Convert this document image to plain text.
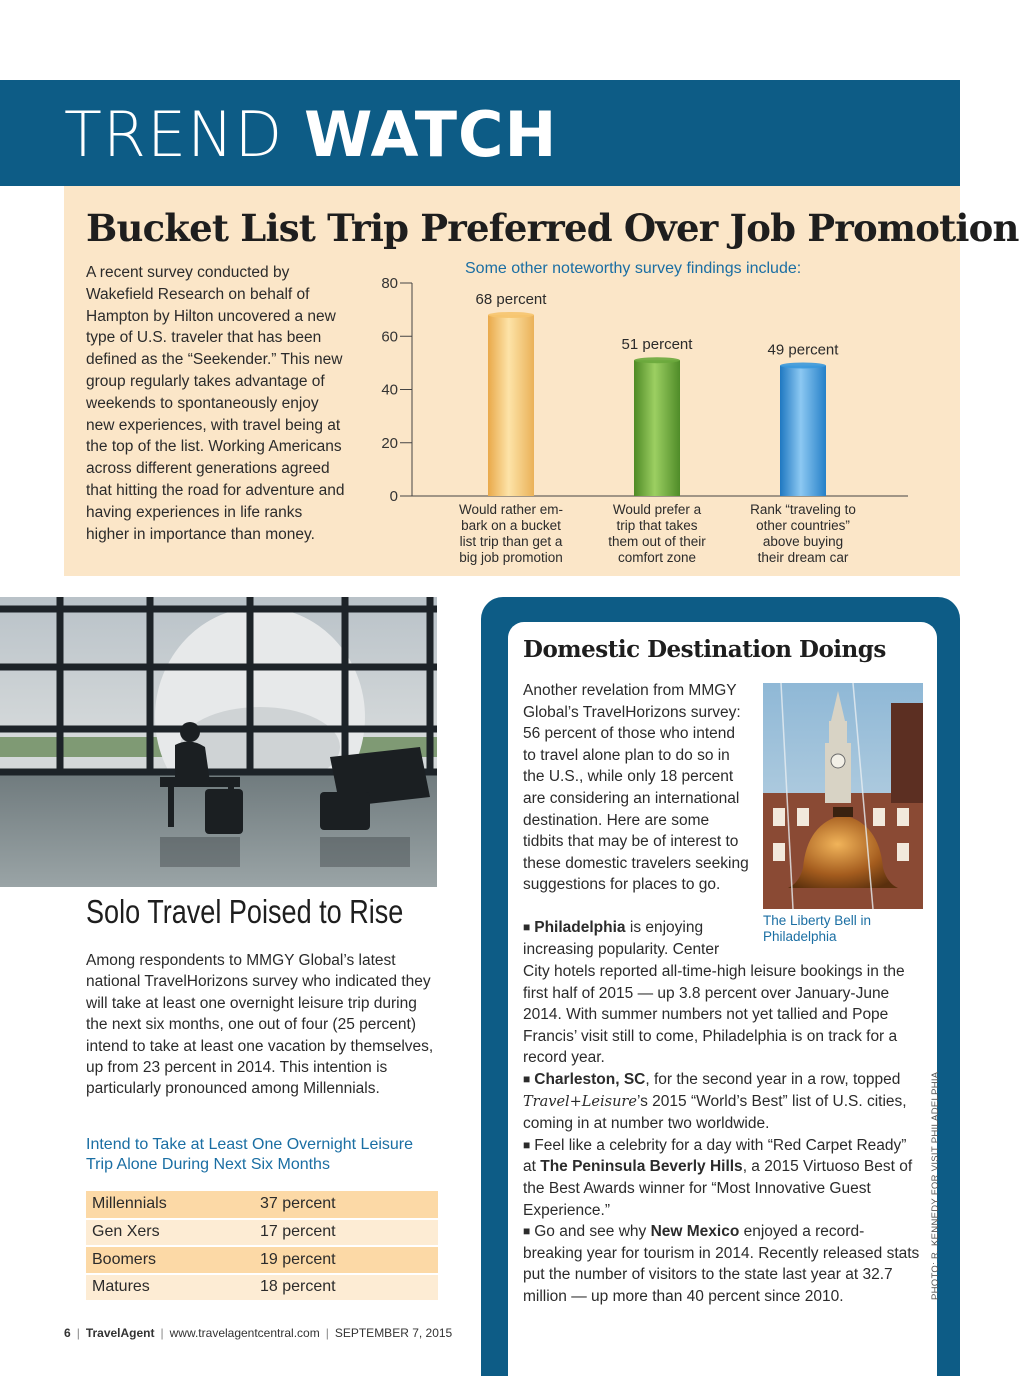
TREND WATCH
Bucket List Trip Preferred Over Job Promotion
A recent survey conducted by Wakefield Research on behalf of Hampton by Hilton uncovered a new type of U.S. traveler that has been defined as the “Seekender.” This new group regularly takes advantage of weekends to spontaneously enjoy new experiences, with travel being at the top of the list. Working Americans across different generations agreed that hitting the road for adventure and having experiences in life ranks higher in importance than money.
Some other noteworthy survey findings include:
0
20
40
60
80
68 percent
Would rather em-
bark on a bucket
list trip than get a
big job promotion
51 percent
Would prefer a
trip that takes
them out of their
comfort zone
49 percent
Rank “traveling to
other countries”
above buying
their dream car
Solo Travel Poised to Rise
Among respondents to MMGY Global’s latest national TravelHorizons survey who indicated they will take at least one overnight leisure trip during the next six months, one out of four (25 percent) intend to take at least one vacation by themselves, up from 23 percent in 2014. This intention is particularly pronounced among Millennials.
Intend to Take at Least One Overnight Leisure Trip Alone During Next Six Months
Millennials	37 percent
Gen Xers	17 percent
Boomers	19 percent
Matures	18 percent
6 | TravelAgent | www.travelagentcentral.com | SEPTEMBER 7, 2015
Domestic Destination Doings
Another revelation from MMGY Global’s TravelHorizons survey: 56 percent of those who intend to travel alone plan to do so in the U.S., while only 18 percent are considering an international destination. Here are some tidbits that may be of interest to these domestic travelers seeking suggestions for places to go.
■ Philadelphia is enjoying increasing popularity. Center

City hotels reported all-time-high leisure bookings in the first half of 2015 — up 3.8 percent over January-June 2014. With summer numbers not yet tallied and Pope Francis’ visit still to come, Philadelphia is on track for a record year.

■ Charleston, SC, for the second year in a row, topped Travel+Leisure’s 2015 “World’s Best” list of U.S. cities, coming in at number two worldwide.

■ Feel like a celebrity for a day with “Red Carpet Ready” at The Peninsula Beverly Hills, a 2015 Virtuoso Best of the Best Awards winner for “Most Innovative Guest Experience.”

■ Go and see why New Mexico enjoyed a record-breaking year for tourism in 2014. Recently released stats put the number of visitors to the state last year at 32.7 million — up more than 40 percent since 2010.

The Liberty Bell in Philadelphia
PHOTO: R. KENNEDY FOR VISIT PHILADELPHIA
